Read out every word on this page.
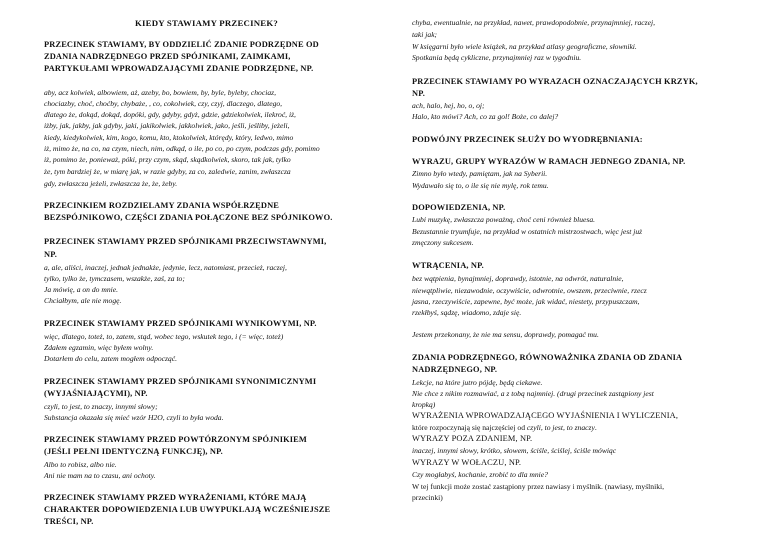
KIEDY STAWIAMY PRZECINEK?
PRZECINEK STAWIAMY, BY ODDZIELIĆ ZDANIE PODRZĘDNE OD
ZDANIA NADRZĘDNEGO PRZED SPÓJNIKAMI, ZAIMKAMI,
PARTYKUŁAMI WPROWADZAJĄCYMI ZDANIE PODRZĘDNE, NP.
aby, acz kolwiek, albowiem, aż, azeby, bo, bowiem, by, byle, byleby, chociaz,
chociazby, choć, choćby, chybaże, , co, cokolwiek, czy, czyj, dlaczego, dlatego,
dlatego że, dokąd, dokąd, dopóki, gdy, gdyby, gdyż, gdzie, gdziekolwiek, ilekroć, iż,
iżby, jak, jakby, jak gdyby, jaki, jakikolwiek, jakkolwiek, jako, jeśli, jeśliby, jeżeli,
kiedy, kiedykolwiek, kim, kogo, komu, kto, ktokolwiek, którędy, który, ledwo, mimo
iż, mimo że, na co, na czym, niech, nim, odkąd, o ile, po co, po czym, podczas gdy, pomimo
iż, pomimo że, ponieważ, póki, przy czym, skąd, skądkolwiek, skoro, tak jak, tylko
że, tym bardziej że, w miarę jak, w razie gdyby, za co, zaledwie, zanim, zwłaszcza
gdy, zwłaszcza jeżeli, zwłaszcza że, że, żeby.
PRZECINKIEM ROZDZIELAMY ZDANIA WSPÓŁRZĘDNE
BEZSPÓJNIKOWO, CZĘŚCI ZDANIA POŁĄCZONE BEZ SPÓJNIKOWO.
PRZECINEK STAWIAMY PRZED SPÓJNIKAMI PRZECIWSTAWNYMI,
NP.
a, ale, aliści, inaczej, jednak jednakże, jedynie, lecz, natomiast, przecież, raczej,
tylko, tylko że, tymczasem, wszakże, zaś, za to;
Ja mówię, a on do mnie.
Chciałbym, ale nie mogę.
PRZECINEK STAWIAMY PRZED SPÓJNIKAMI WYNIKOWYMI, NP.
więc, dlatego, toteż, to, zatem, stąd, wobec tego, wskutek tego, i (= więc, toteż)
Zdałem egzamin, więc byłem wolny.
Dotarłem do celu, zatem mogłem odpocząć.
PRZECINEK STAWIAMY PRZED SPÓJNIKAMI SYNONIMICZNYMI
(WYJAŚNIAJĄCYMI), NP.
czyli, to jest, to znaczy, innymi słowy;
Substancja okazała się mieć wzór H2O, czyli to była woda.
PRZECINEK STAWIAMY PRZED POWTÓRZONYM SPÓJNIKIEM
(JEŚLI PEŁNI IDENTYCZNĄ FUNKCJĘ), NP.
Albo to robisz, albo nie.
Ani nie mam na to czasu, ani ochoty.
PRZECINEK STAWIAMY PRZED WYRAŻENIAMI, KTÓRE MAJĄ
CHARAKTER DOPOWIEDZENIA LUB UWYPUKLAJĄ WCZEŚNIEJSZE
TREŚCI, NP.
chyba, ewentualnie, na przykład, nawet, prawdopodobnie, przynajmniej, raczej,
taki jak;
W księgarni było wiele książek, na przykład atlasy geograficzne, słowniki.
Spotkania będą cykliczne, przynajmniej raz w tygodniu.
PRZECINEK STAWIAMY PO WYRAZACH OZNACZAJĄCYCH KRZYK,
NP.
ach, halo, hej, ho, o, oj;
Halo, kto mówi? Ach, co za gol! Boże, co dalej?
PODWÓJNY PRZECINEK SŁUŻY DO WYODRĘBNIANIA:
WYRAZU, GRUPY WYRAZÓW W RAMACH JEDNEGO ZDANIA, NP.
Zimno było wtedy, pamiętam, jak na Syberii.
Wydawało się to, o ile się nie mylę, rok temu.
DOPOWIEDZENIA, NP.
Lubi muzykę, zwłaszcza poważną, choć ceni również bluesa.
Bezustannie tryumfuje, na przykład w ostatnich mistrzostwach, więc jest już
zmęczony sukcesem.
WTRĄCENIA, NP.
bez wątpienia, bynajmniej, doprawdy, istotnie, na odwrót, naturalnie,
niewątpliwie, niezawodnie, oczywiście, odwrotnie, owszem, przeciwnie, rzecz
jasna, rzeczywiście, zapewne, być może, jak widać, niestety, przypuszczam,
rzekłbyś, sądzę, wiadomo, zdaje się.
Jestem przekonany, że nie ma sensu, doprawdy, pomagać mu.
ZDANIA PODRZĘDNEGO, RÓWNOWAŻNIKA ZDANIA OD ZDANIA
NADRZĘDNEGO, NP.
Lekcje, na które jutro pójdę, będą ciekawe.
Nie chce z nikim rozmawiać, a z tobą najmniej. (drugi przecinek zastąpiony jest
kropką)
WYRAŻENIA WPROWADZAJĄCEGO WYJAŚNIENIA I WYLICZENIA,
które rozpoczynają się najczęściej od czyli, to jest, to znaczy.
WYRAZY POZA ZDANIEM, NP.
inaczej, innymi słowy, krótko, słowem, ściśle, ściślej, ściśle mówiąc
WYRAZY W WOŁACZU, NP.
Czy mogłabyś, kochanie, zrobić to dla mnie?
W tej funkcji może zostać zastąpiony przez nawiasy i myślnik. (nawiasy, myślniki,
przecinki)
